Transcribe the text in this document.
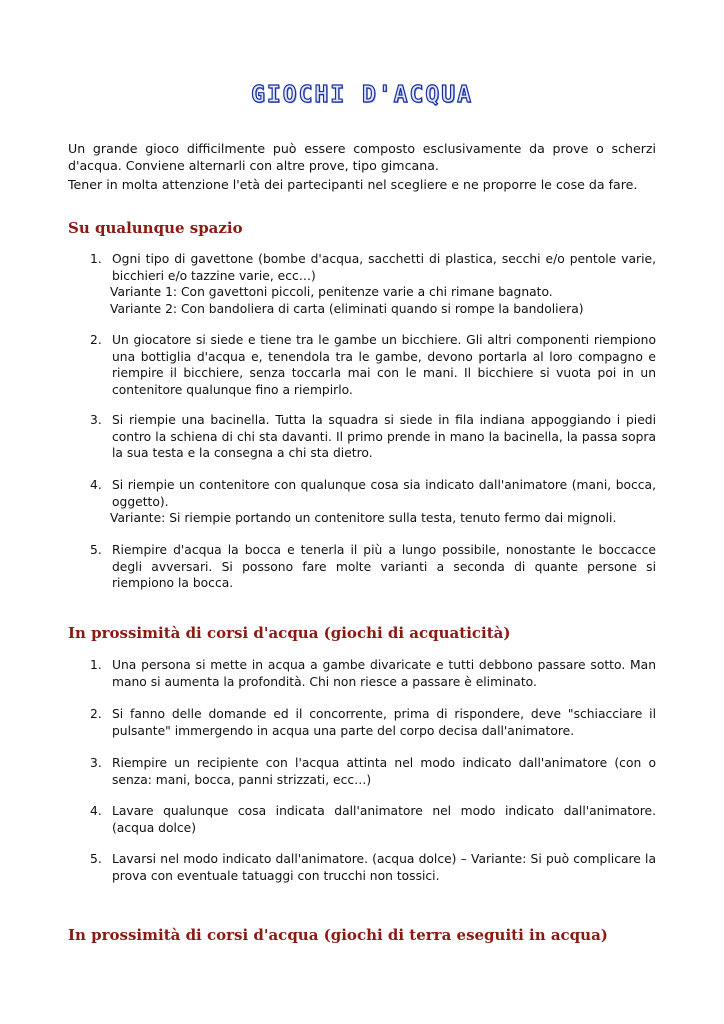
GIOCHI D'ACQUA

Un grande gioco difficilmente può essere composto esclusivamente da prove o scherzi d'acqua. Conviene alternarli con altre prove, tipo gimcana.

Tener in molta attenzione l'età dei partecipanti nel scegliere e ne proporre le cose da fare.

Su qualunque spazio
1. Ogni tipo di gavettone (bombe d'acqua, sacchetti di plastica, secchi e/o pentole varie, bicchieri e/o tazzine varie, ecc…)
Variante 1: Con gavettoni piccoli, penitenze varie a chi rimane bagnato.
Variante 2: Con bandoliera di carta (eliminati quando si rompe la bandoliera)
2. Un giocatore si siede e tiene tra le gambe un bicchiere. Gli altri componenti riempiono una bottiglia d'acqua e, tenendola tra le gambe, devono portarla al loro compagno e riempire il bicchiere, senza toccarla mai con le mani. Il bicchiere si vuota poi in un contenitore qualunque fino a riempirlo.
3. Si riempie una bacinella. Tutta la squadra si siede in fila indiana appoggiando i piedi contro la schiena di chi sta davanti. Il primo prende in mano la bacinella, la passa sopra la sua testa e la consegna a chi sta dietro.
4. Si riempie un contenitore con qualunque cosa sia indicato dall'animatore (mani, bocca, oggetto).
Variante: Si riempie portando un contenitore sulla testa, tenuto fermo dai mignoli.
5. Riempire d'acqua la bocca e tenerla il più a lungo possibile, nonostante le boccacce degli avversari. Si possono fare molte varianti a seconda di quante persone si riempiono la bocca.
In prossimità di corsi d'acqua (giochi di acquaticità)
1. Una persona si mette in acqua a gambe divaricate e tutti debbono passare sotto. Man mano si aumenta la profondità. Chi non riesce a passare è eliminato.
2. Si fanno delle domande ed il concorrente, prima di rispondere, deve "schiacciare il pulsante" immergendo in acqua una parte del corpo decisa dall'animatore.
3. Riempire un recipiente con l'acqua attinta nel modo indicato dall'animatore (con o senza: mani, bocca, panni strizzati, ecc…)
4. Lavare qualunque cosa indicata dall'animatore nel modo indicato dall'animatore. (acqua dolce)
5. Lavarsi nel modo indicato dall'animatore. (acqua dolce) – Variante: Si può complicare la prova con eventuale tatuaggi con trucchi non tossici.
In prossimità di corsi d'acqua (giochi di terra eseguiti in acqua)
